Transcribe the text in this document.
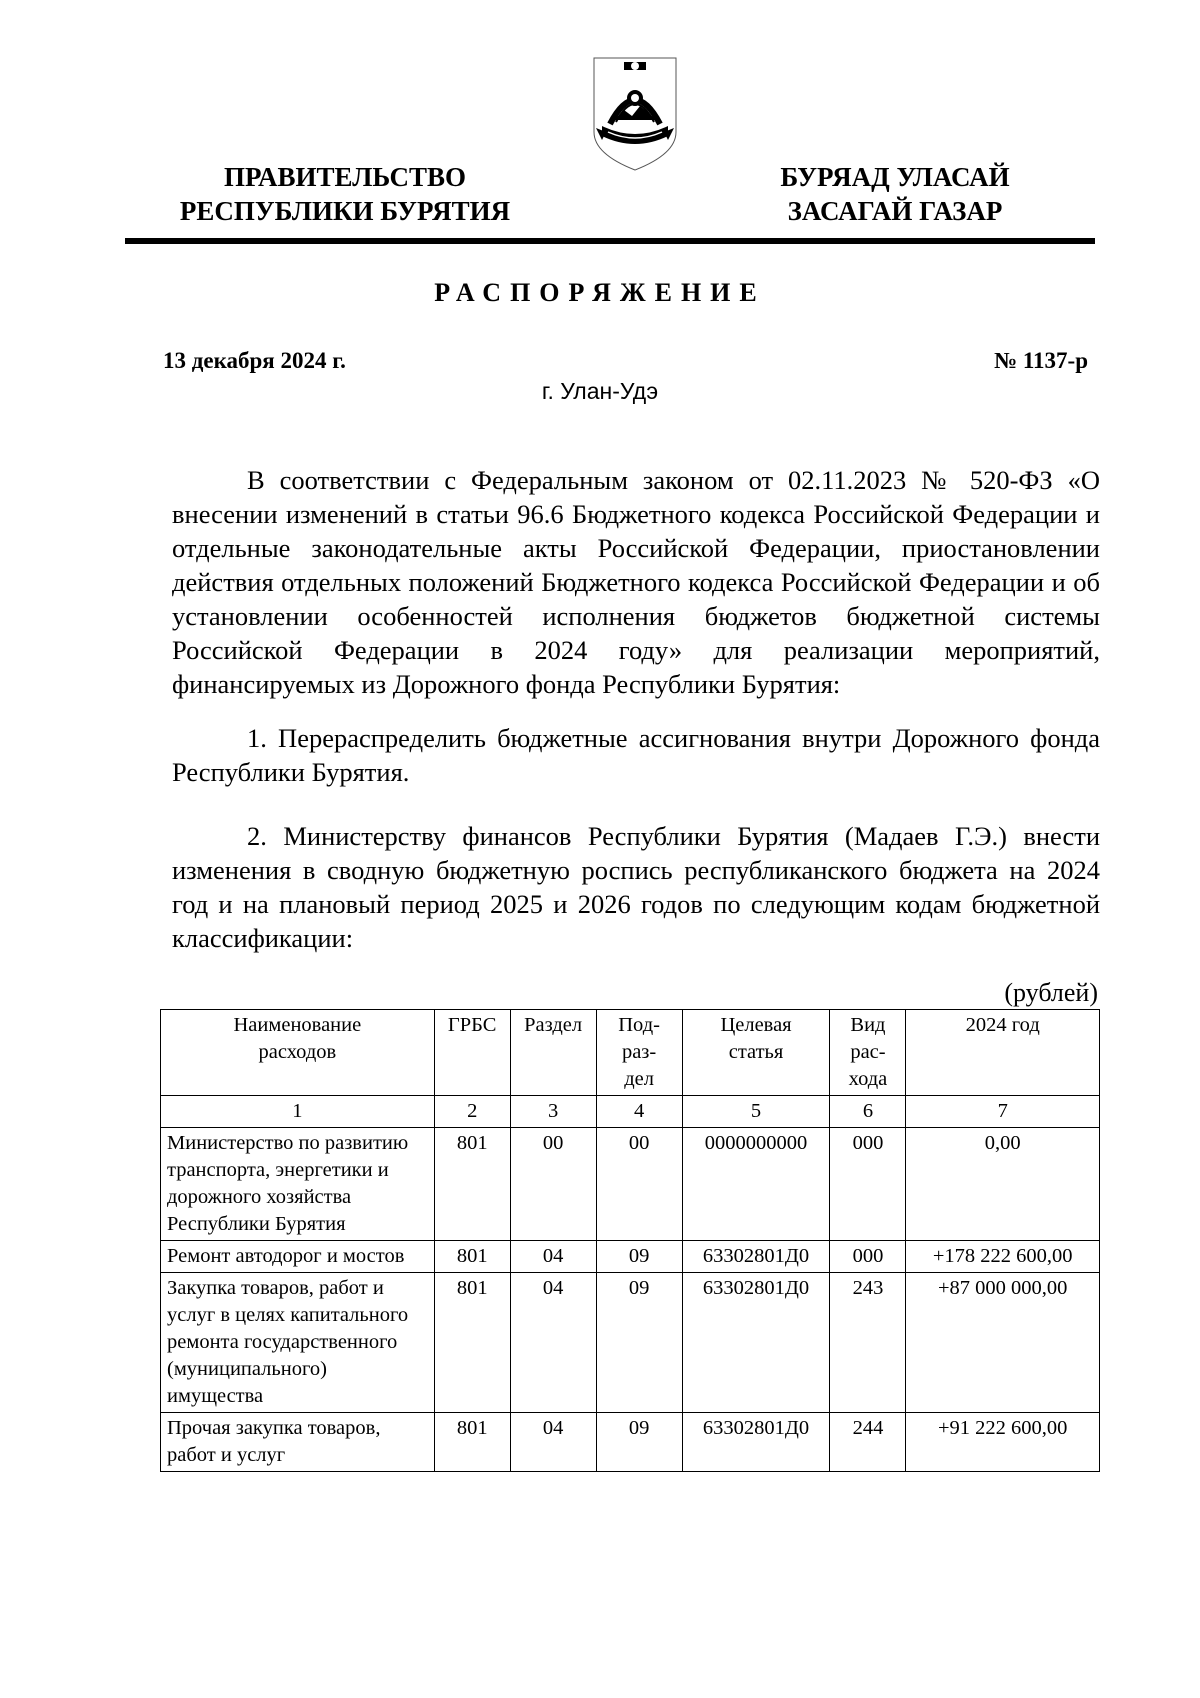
ПРАВИТЕЛЬСТВО
РЕСПУБЛИКИ БУРЯТИЯ
БУРЯАД УЛАСАЙ
ЗАСАГАЙ ГАЗАР
РАСПОРЯЖЕНИЕ
13 декабря 2024 г.	№ 1137-р
г. Улан-Удэ

В соответствии с Федеральным законом от 02.11.2023 № 520-ФЗ «О внесении изменений в статьи 96.6 Бюджетного кодекса Российской Федерации и отдельные законодательные акты Российской Федерации, приостановлении действия отдельных положений Бюджетного кодекса Российской Федерации и об установлении особенностей исполнения бюджетов бюджетной системы Российской Федерации в 2024 году» для реализации мероприятий, финансируемых из Дорожного фонда Республики Бурятия:

1. Перераспределить бюджетные ассигнования внутри Дорожного фонда Республики Бурятия.

2. Министерству финансов Республики Бурятия (Мадаев Г.Э.) внести изменения в сводную бюджетную роспись республиканского бюджета на 2024 год и на плановый период 2025 и 2026 годов по следующим кодам бюджетной классификации:

(рублей)
Наименование расходов	ГРБС	Раздел	Под-раз-дел	Целевая статья	Вид рас-хода	2024 год
1	2	3	4	5	6	7
Министерство по развитию транспорта, энергетики и дорожного хозяйства Республики Бурятия	801	00	00	0000000000	000	0,00
Ремонт автодорог и мостов	801	04	09	63302801Д0	000	+178 222 600,00
Закупка товаров, работ и услуг в целях капитального ремонта государственного (муниципального) имущества	801	04	09	63302801Д0	243	+87 000 000,00
Прочая закупка товаров, работ и услуг	801	04	09	63302801Д0	244	+91 222 600,00
